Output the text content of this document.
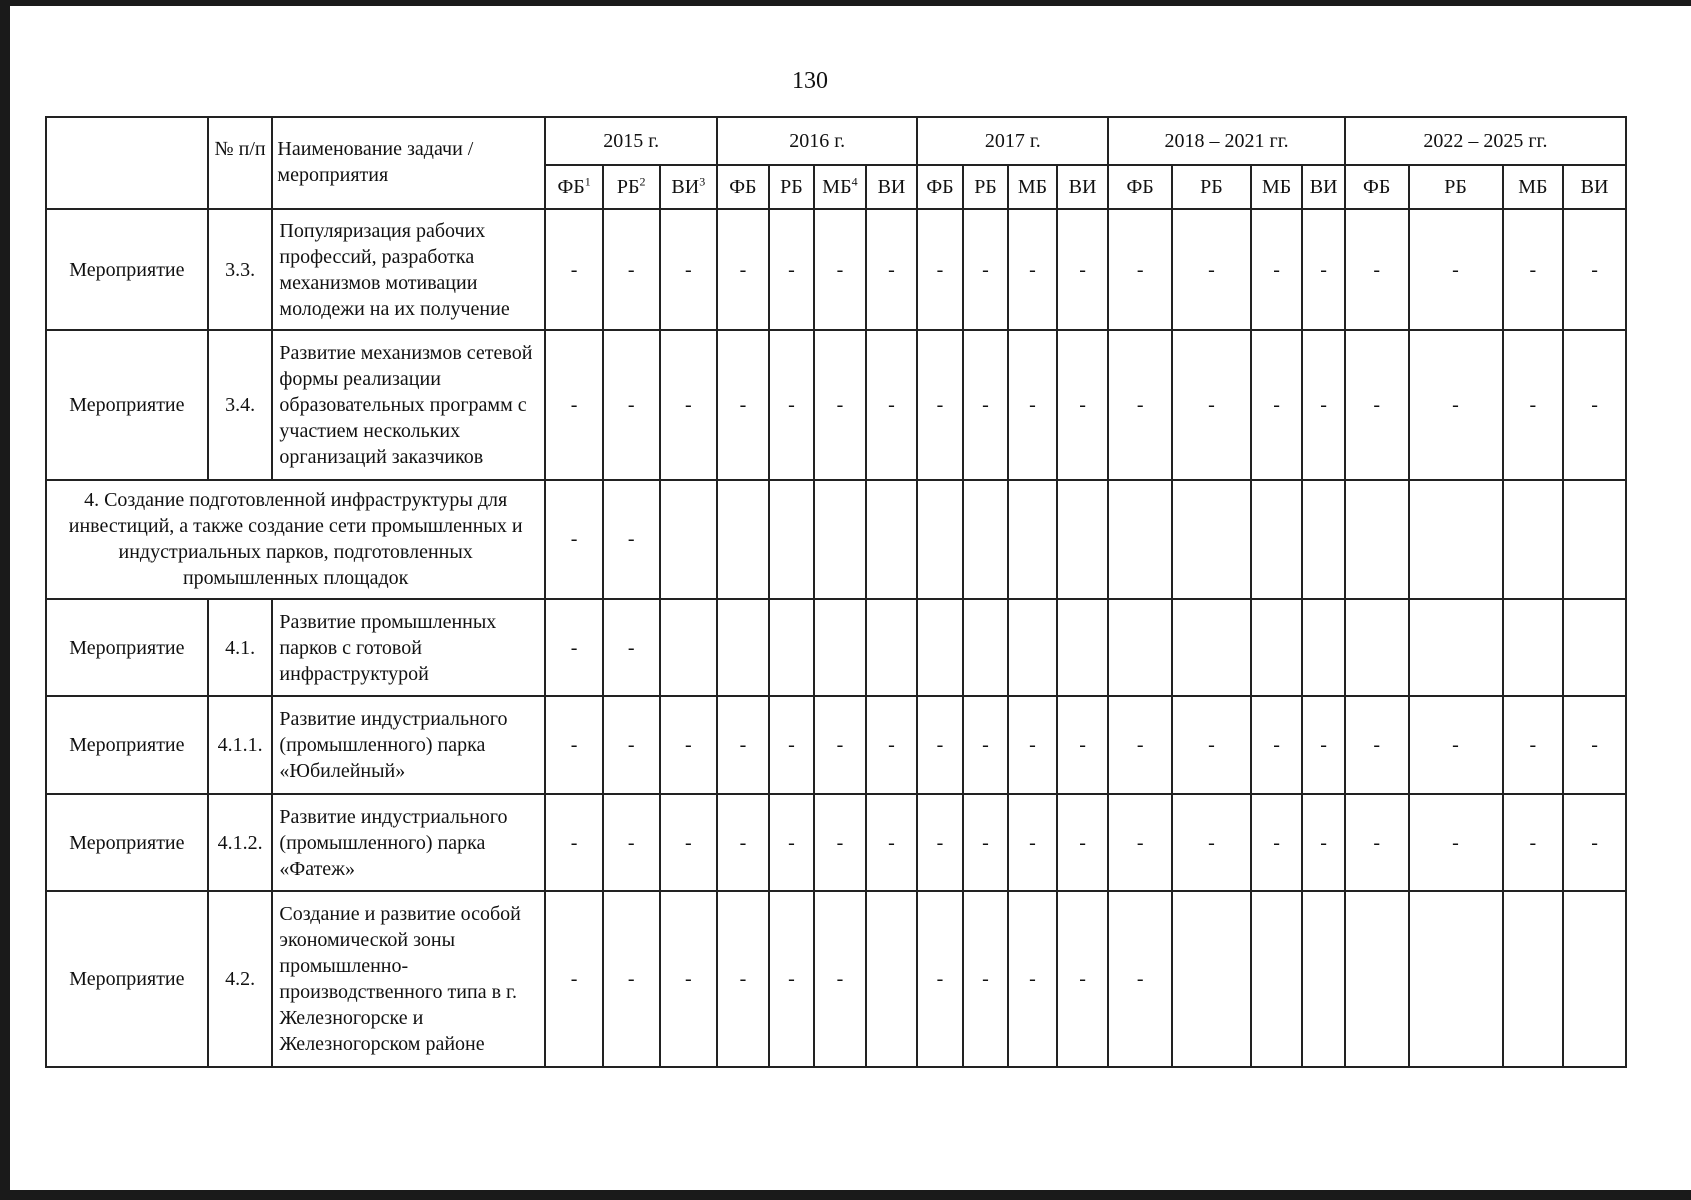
130
	№ п/п	Наименование задачи / мероприятия	2015 г.			2016 г.				2017 г.				2018 – 2021 гг.				2022 – 2025 гг.			
			$ФБ^1$	$РБ^2$	$ВИ^3$	ФБ	РБ	$МБ^4$	ВИ	ФБ	РБ	МБ	ВИ	ФБ	РБ	МБ	ВИ	ФБ	РБ	МБ	ВИ
Мероприятие	3.3.	Популяризация рабочих профессий, разработка механизмов мотивации молодежи на их получение	-	-	-	-	-	-	-	-	-	-	-	-	-	-	-	-	-	-	-
Мероприятие	3.4.	Развитие механизмов сетевой формы реализации образовательных программ с участием нескольких организаций заказчиков	-	-	-	-	-	-	-	-	-	-	-	-	-	-	-	-	-	-	-
4. Создание подготовленной инфраструктуры для инвестиций, а также создание сети промышленных и индустриальных парков, подготовленных промышленных площадок			-	-																	
Мероприятие	4.1.	Развитие промышленных парков с готовой инфраструктурой	-	-																	
Мероприятие	4.1.1.	Развитие индустриального (промышленного) парка «Юбилейный»	-	-	-	-	-	-	-	-	-	-	-	-	-	-	-	-	-	-	-
Мероприятие	4.1.2.	Развитие индустриального (промышленного) парка «Фатеж»	-	-	-	-	-	-	-	-	-	-	-	-	-	-	-	-	-	-	-
Мероприятие	4.2.	Создание и развитие особой экономической зоны промышленно-производственного типа в г. Железногорске и Железногорском районе	-	-	-	-	-	-		-	-	-	-	-							
